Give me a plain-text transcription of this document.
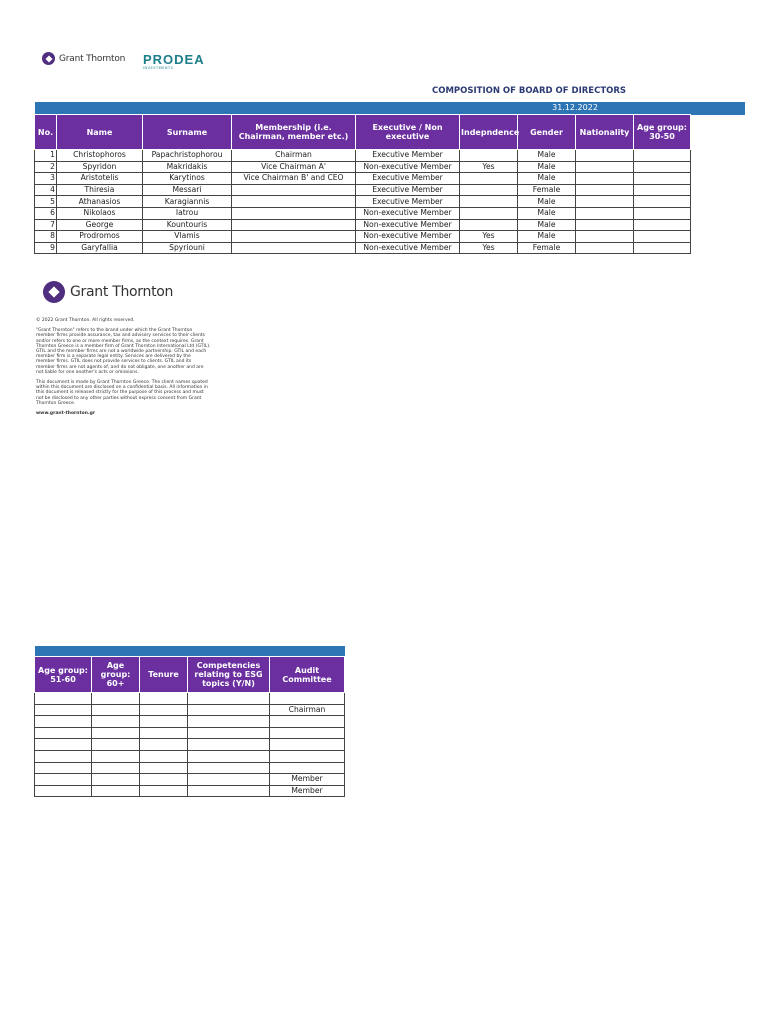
Grant Thornton PRODEA
INVESTMENTS
COMPOSITION OF BOARD OF DIRECTORS
					31.12.2022			
No.	Name	Surname	Membership (i.e. Chairman, member etc.)	Executive / Non executive	Indepndence	Gender	Nationality	Age group: 30-50
1	Christophoros	Papachristophorou	Chairman	Executive Member		Male		
2	Spyridon	Makridakis	Vice Chairman A'	Non-executive Member	Yes	Male		
3	Aristotelis	Karytinos	Vice Chairman B' and CEO	Executive Member		Male		
4	Thiresia	Messari		Executive Member		Female		
5	Athanasios	Karagiannis		Executive Member		Male		
6	Nikolaos	Iatrou		Non-executive Member		Male		
7	George	Kountouris		Non-executive Member		Male		
8	Prodromos	Vlamis		Non-executive Member	Yes	Male		
9	Garyfallia	Spyriouni		Non-executive Member	Yes	Female		
Grant Thornton

© 2022 Grant Thornton. All rights reserved.

"Grant Thornton" refers to the brand under which the Grant Thornton member firms provide assurance, tax and advisory services to their clients and/or refers to one or more member firms, as the context requires. Grant Thornton Greece is a member firm of Grant Thornton International Ltd (GTIL). GTIL and the member firms are not a worldwide partnership. GTIL and each member firm is a separate legal entity. Services are delivered by the member firms. GTIL does not provide services to clients. GTIL and its member firms are not agents of, and do not obligate, one another and are not liable for one another's acts or omissions.

This document is made by Grant Thornton Greece. The client names quoted within this document are disclosed on a confidential basis. All information in this document is released strictly for the purpose of this process and must not be disclosed to any other parties without express consent from Grant Thornton Greece.

www.grant-thornton.gr

Age group: 51-60	Age group: 60+	Tenure	Competencies relating to ESG topics (Y/N)	Audit Committee

				Chairman

				Member
				Member
